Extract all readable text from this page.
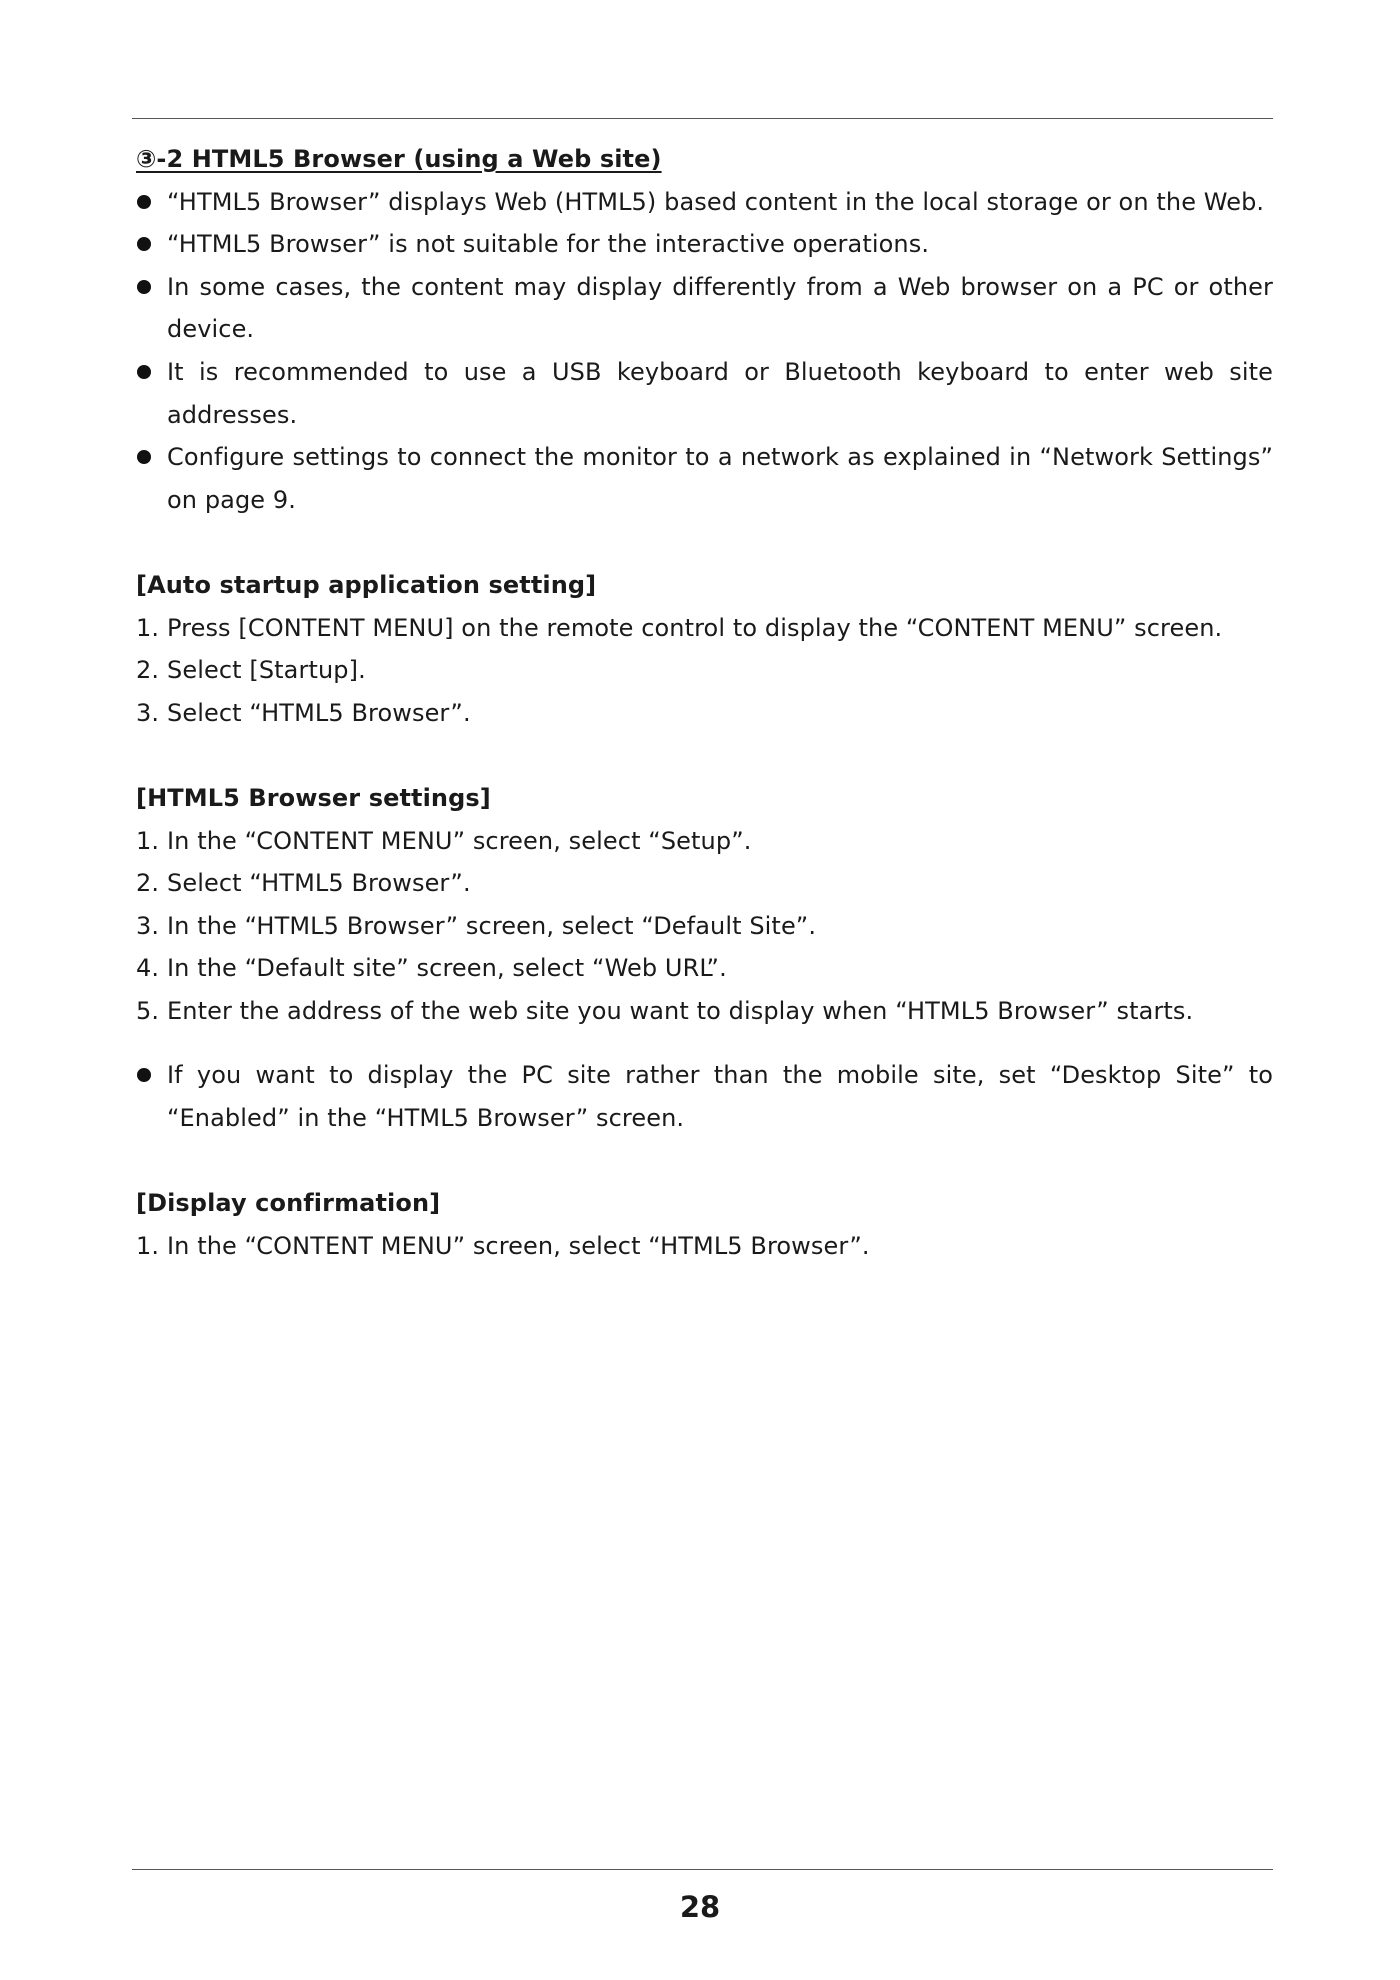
③-2 HTML5 Browser (using a Web site)

“HTML5 Browser” displays Web (HTML5) based content in the local storage or on the Web.
“HTML5 Browser” is not suitable for the interactive operations.
In some cases, the content may display differently from a Web browser on a PC or other device.
It is recommended to use a USB keyboard or Bluetooth keyboard to enter web site addresses.
Configure settings to connect the monitor to a network as explained in “Network Settings” on page 9.

[Auto startup application setting]

1. Press [CONTENT MENU] on the remote control to display the “CONTENT MENU” screen.
2. Select [Startup].
3. Select “HTML5 Browser”.

[HTML5 Browser settings]

1. In the “CONTENT MENU” screen, select “Setup”.
2. Select “HTML5 Browser”.
3. In the “HTML5 Browser” screen, select “Default Site”.
4. In the “Default site” screen, select “Web URL”.
5. Enter the address of the web site you want to display when “HTML5 Browser” starts.
If you want to display the PC site rather than the mobile site, set “Desktop Site” to “Enabled” in the “HTML5 Browser” screen.

[Display confirmation]

1. In the “CONTENT MENU” screen, select “HTML5 Browser”.
28
